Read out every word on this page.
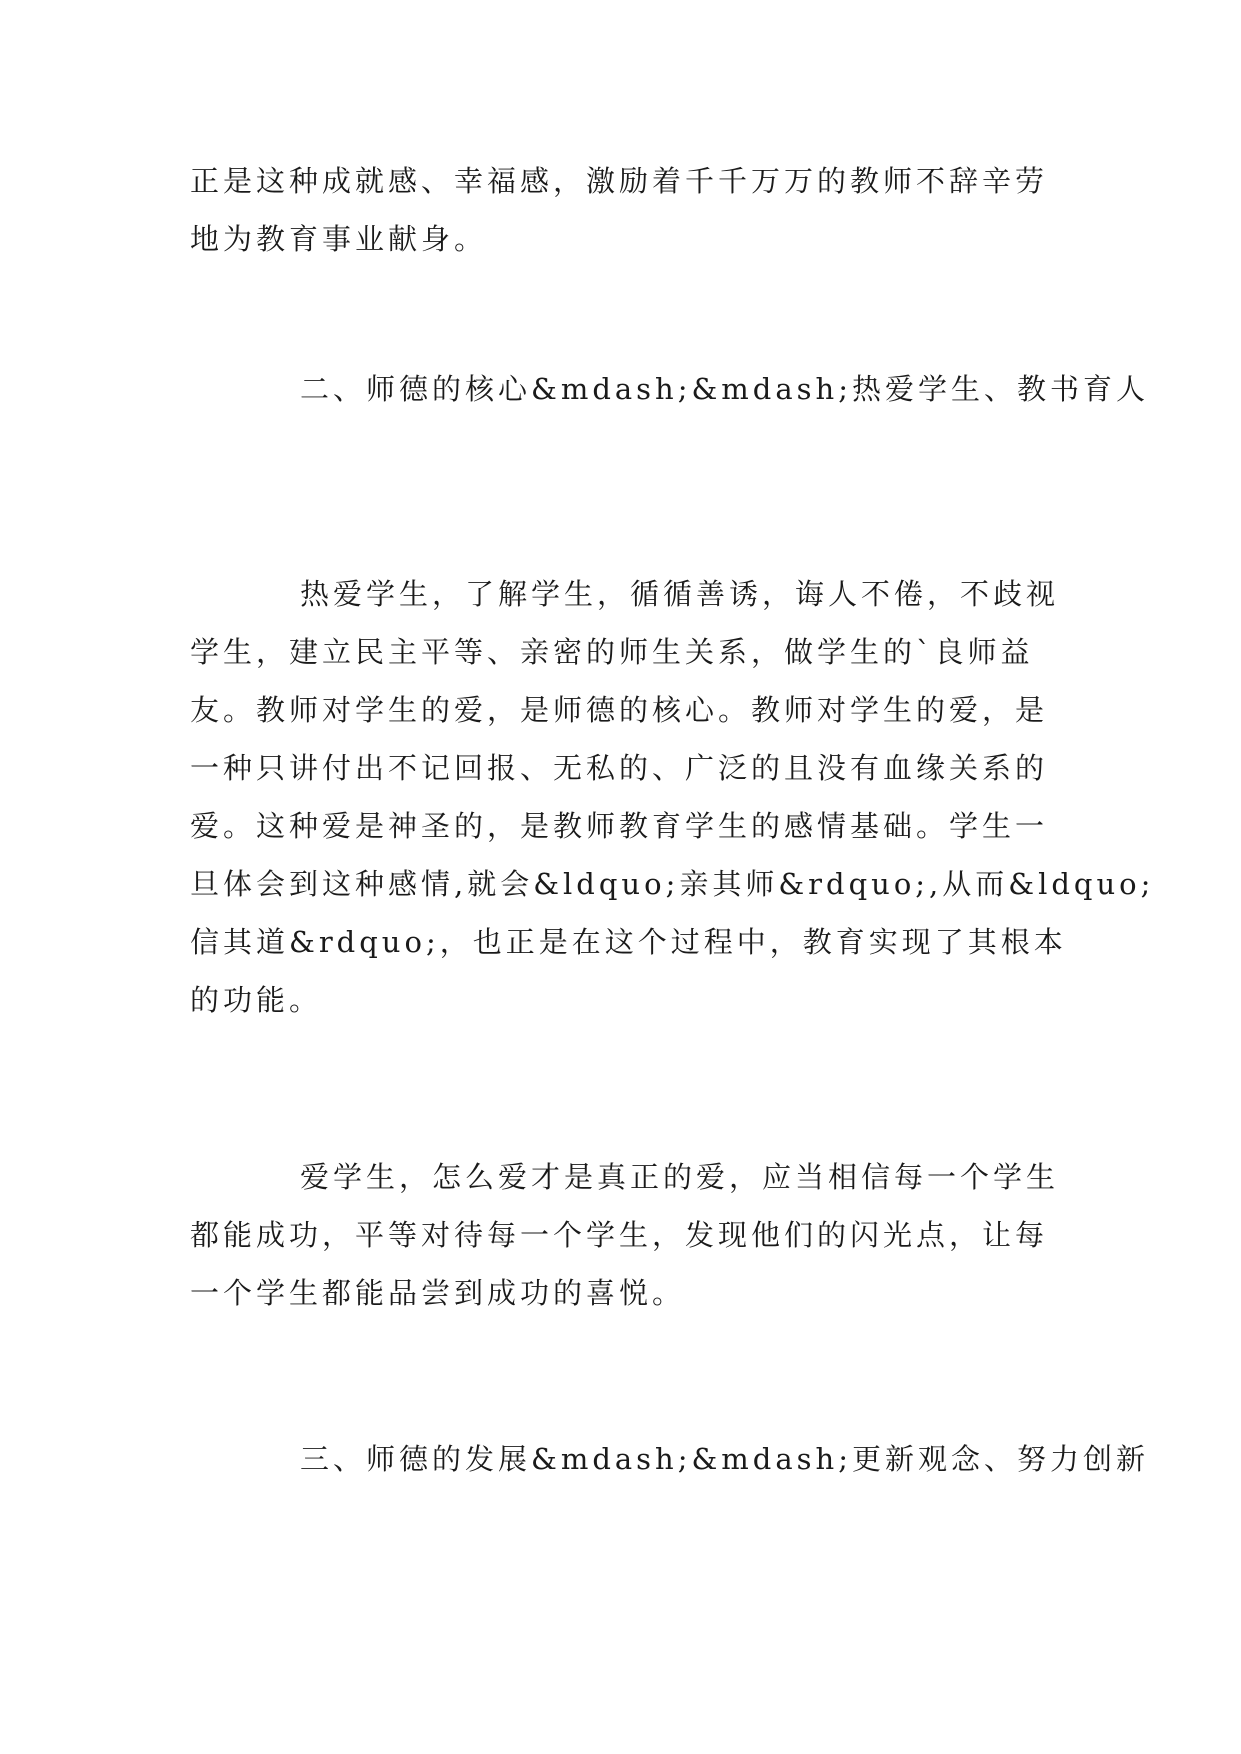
正是这种成就感、幸福感，激励着千千万万的教师不辞辛劳
地为教育事业献身。

二、师德的核心&mdash;&mdash;热爱学生、教书育人

热爱学生，了解学生，循循善诱，诲人不倦，不歧视
学生，建立民主平等、亲密的师生关系，做学生的`良师益
友。教师对学生的爱，是师德的核心。教师对学生的爱，是
一种只讲付出不记回报、无私的、广泛的且没有血缘关系的
爱。这种爱是神圣的，是教师教育学生的感情基础。学生一
旦体会到这种感情,就会&ldquo;亲其师&rdquo;,从而&ldquo;
信其道&rdquo;，也正是在这个过程中，教育实现了其根本
的功能。

爱学生，怎么爱才是真正的爱，应当相信每一个学生
都能成功，平等对待每一个学生，发现他们的闪光点，让每
一个学生都能品尝到成功的喜悦。

三、师德的发展&mdash;&mdash;更新观念、努力创新
